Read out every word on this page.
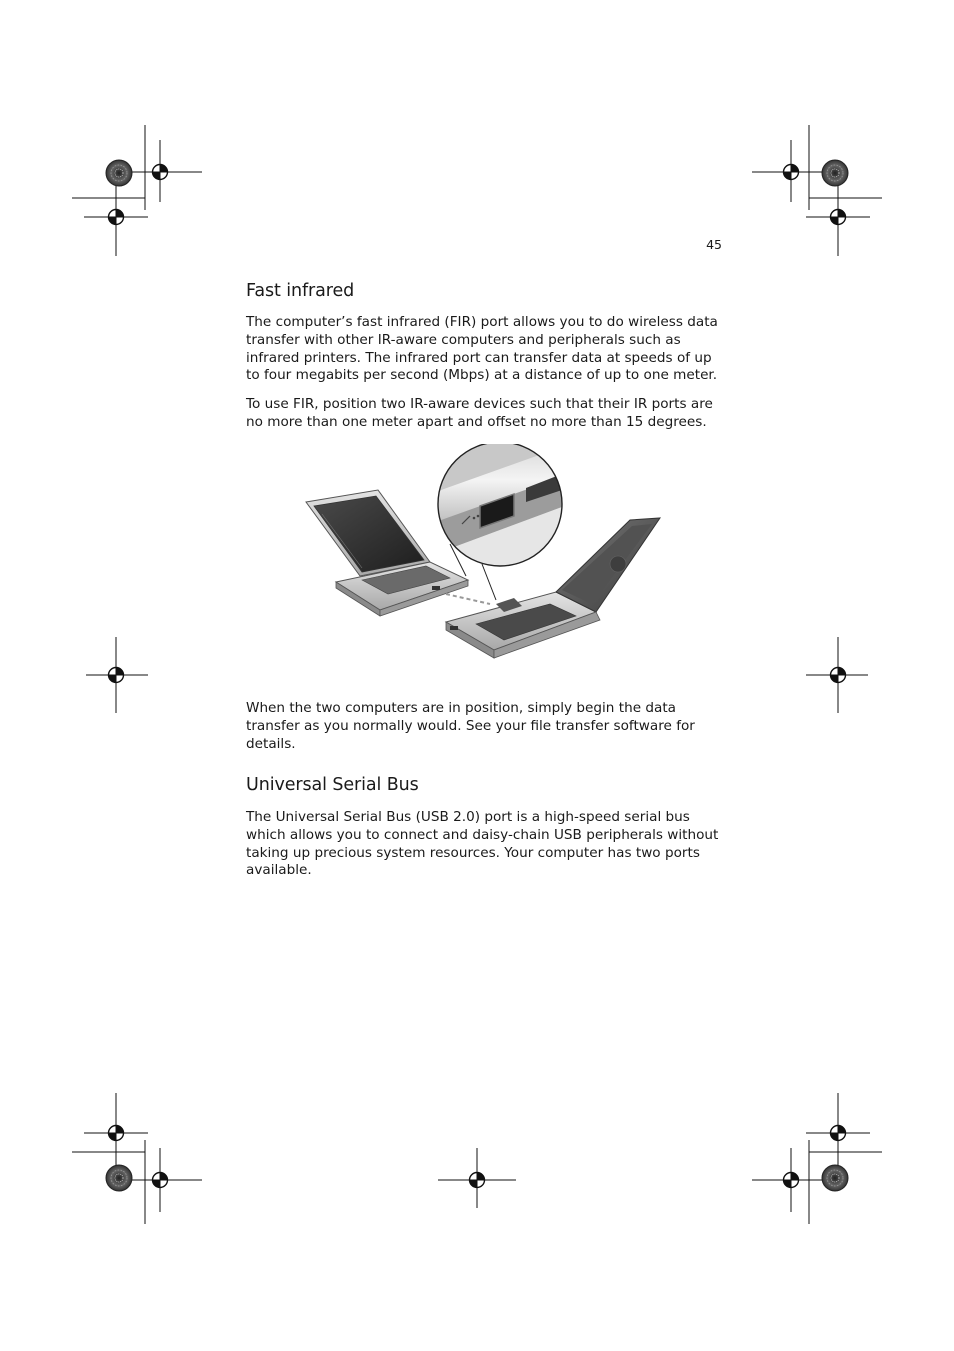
45
Fast infrared

The computer’s fast infrared (FIR) port allows you to do wireless data transfer with other IR-aware computers and peripherals such as infrared printers. The infrared port can transfer data at speeds of up to four megabits per second (Mbps) at a distance of up to one meter.

To use FIR, position two IR-aware devices such that their IR ports are no more than one meter apart and offset no more than 15 degrees.

When the two computers are in position, simply begin the data transfer as you normally would. See your file transfer software for details.

Universal Serial Bus

The Universal Serial Bus (USB 2.0) port is a high-speed serial bus which allows you to connect and daisy-chain USB peripherals without taking up precious system resources. Your computer has two ports available.
